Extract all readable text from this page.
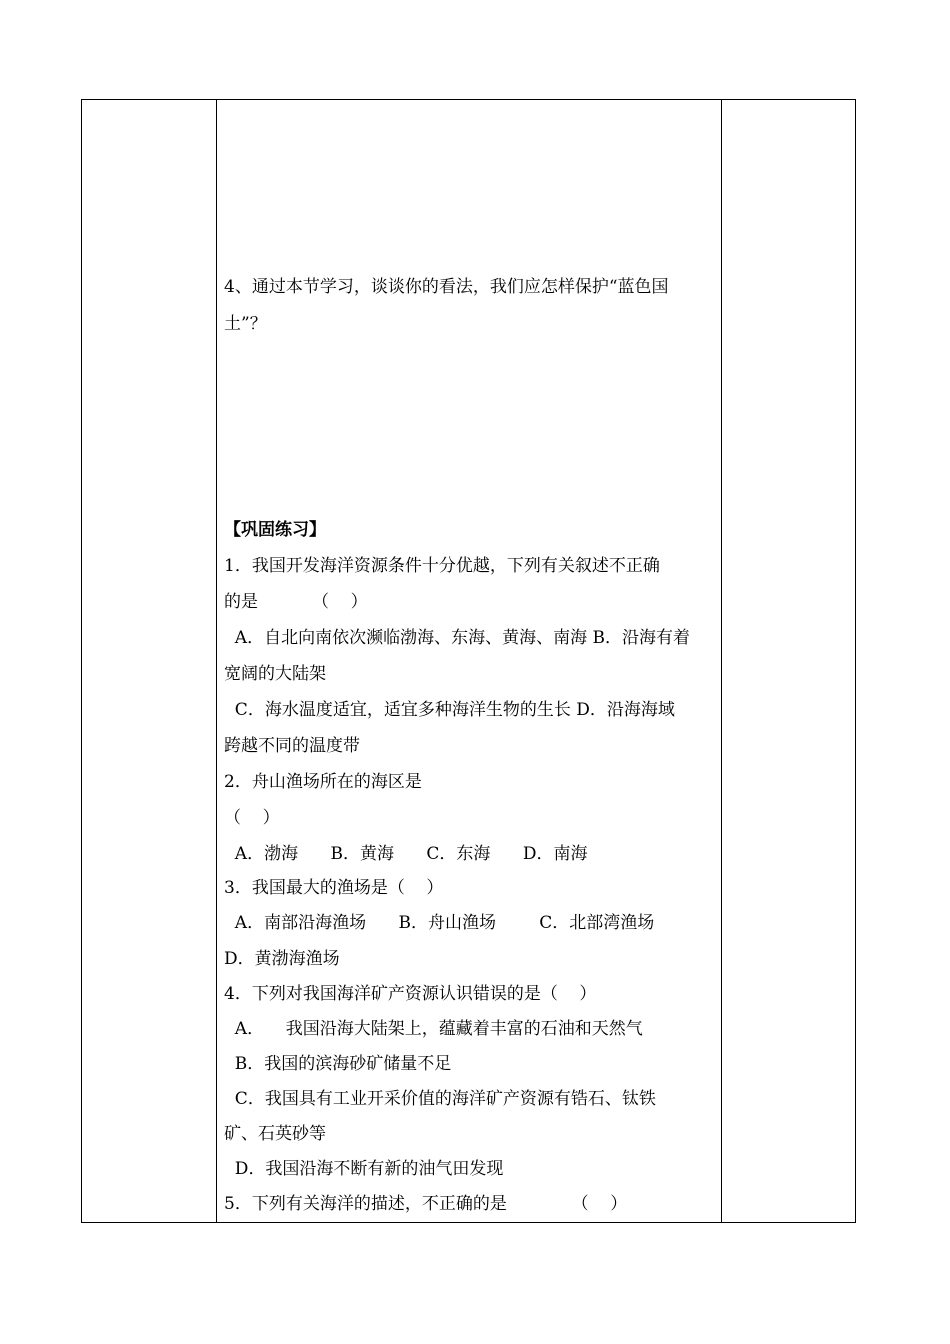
4、通过本节学习，谈谈你的看法，我们应怎样保护“蓝色国
土”？
【巩固练习】
1．我国开发海洋资源条件十分优越，下列有关叙述不正确
的是          （    ）
A．自北向南依次濒临渤海、东海、黄海、南海 B．沿海有着
宽阔的大陆架
C．海水温度适宜，适宜多种海洋生物的生长 D．沿海海域
跨越不同的温度带
2．舟山渔场所在的海区是
（    ）
A．渤海      B．黄海      C．东海      D．南海
3．我国最大的渔场是（    ）
A．南部沿海渔场      B．舟山渔场        C．北部湾渔场
D．黄渤海渔场
4．下列对我国海洋矿产资源认识错误的是（    ）
A．    我国沿海大陆架上，蕴藏着丰富的石油和天然气
B．我国的滨海砂矿储量不足
C．我国具有工业开采价值的海洋矿产资源有锆石、钛铁
矿、石英砂等
D．我国沿海不断有新的油气田发现
5．下列有关海洋的描述，不正确的是            （    ）
